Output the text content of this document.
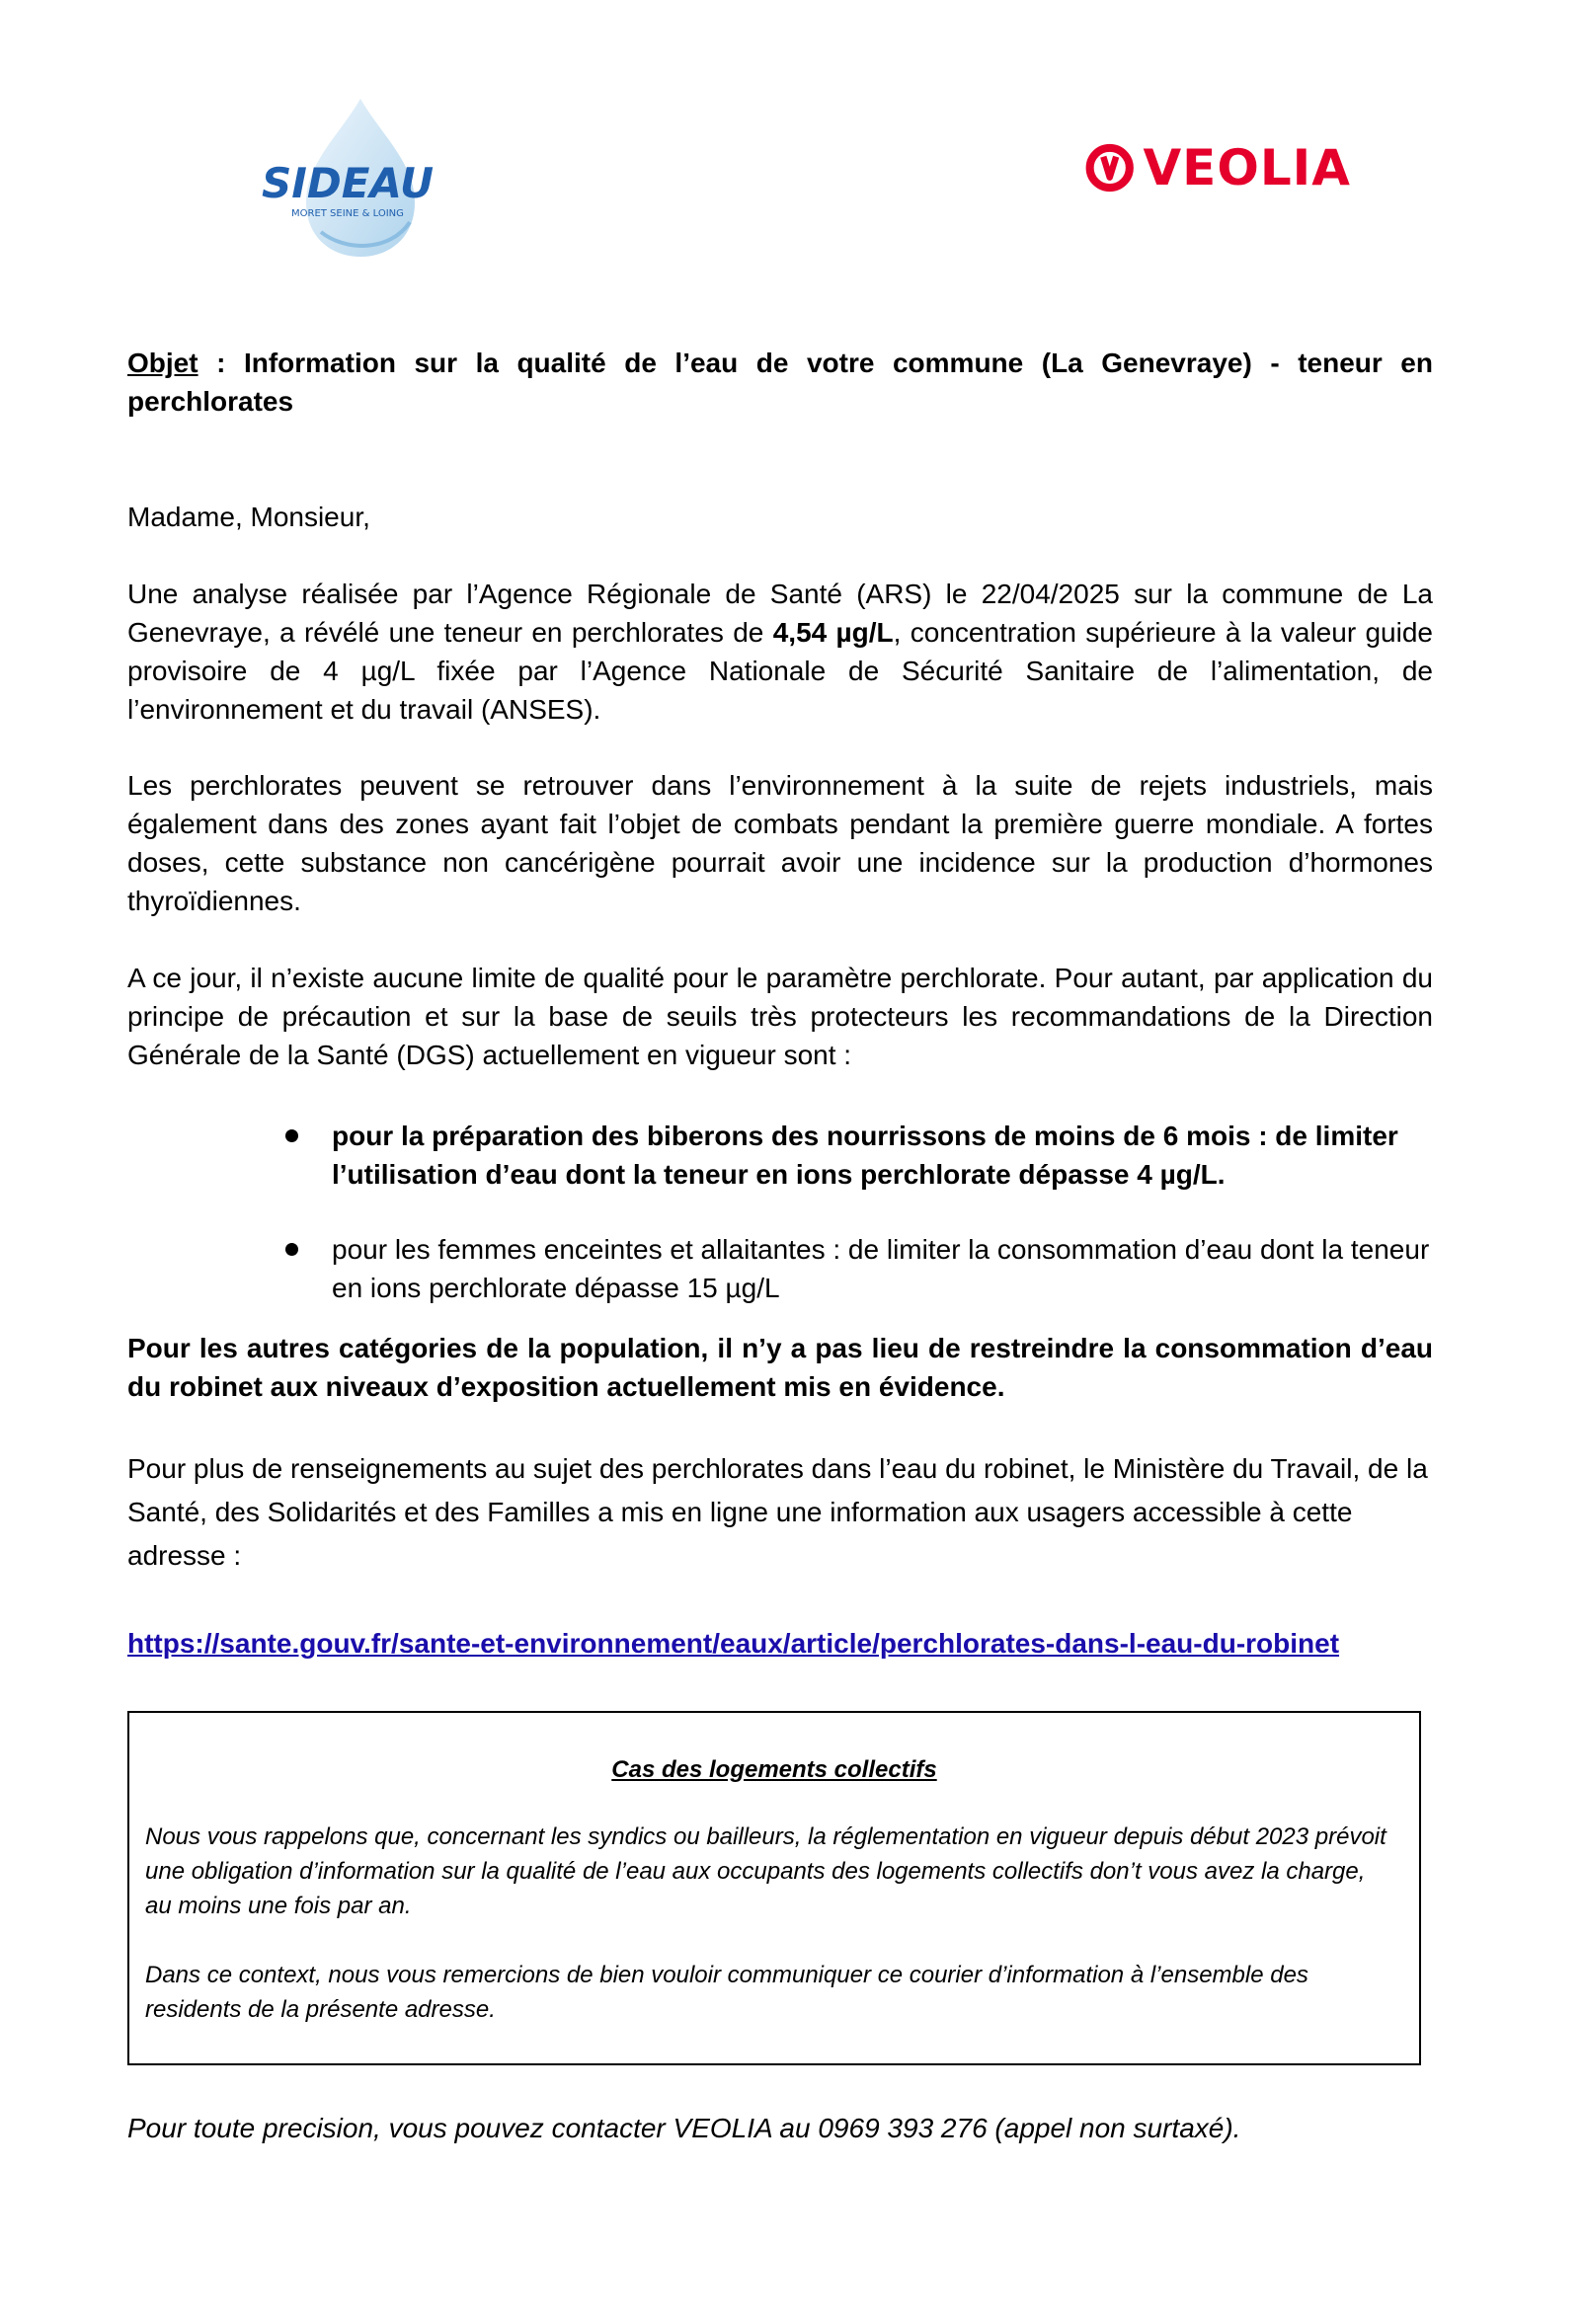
SIDEAU
MORET SEINE & LOING
VEOLIA

Objet : Information sur la qualité de l’eau de votre commune (La Genevraye) - teneur en perchlorates

Madame, Monsieur,

Une analyse réalisée par l’Agence Régionale de Santé (ARS) le 22/04/2025 sur la commune de La Genevraye, a révélé une teneur en perchlorates de 4,54 µg/L, concentration supérieure à la valeur guide provisoire de 4 µg/L fixée par l’Agence Nationale de Sécurité Sanitaire de l’alimentation, de l’environnement et du travail (ANSES).

Les perchlorates peuvent se retrouver dans l’environnement à la suite de rejets industriels, mais également dans des zones ayant fait l’objet de combats pendant la première guerre mondiale. A fortes doses, cette substance non cancérigène pourrait avoir une incidence sur la production d’hormones thyroïdiennes.

A ce jour, il n’existe aucune limite de qualité pour le paramètre perchlorate. Pour autant, par application du principe de précaution et sur la base de seuils très protecteurs les recommandations de la Direction Générale de la Santé (DGS) actuellement en vigueur sont :

pour la préparation des biberons des nourrissons de moins de 6 mois : de limiter l’utilisation d’eau dont la teneur en ions perchlorate dépasse 4 µg/L.
pour les femmes enceintes et allaitantes : de limiter la consommation d’eau dont la teneur en ions perchlorate dépasse 15 µg/L

Pour les autres catégories de la population, il n’y a pas lieu de restreindre la consommation d’eau du robinet aux niveaux d’exposition actuellement mis en évidence.

Pour plus de renseignements au sujet des perchlorates dans l’eau du robinet, le Ministère du Travail, de la Santé, des Solidarités et des Familles a mis en ligne une information aux usagers accessible à cette adresse :

https://sante.gouv.fr/sante-et-environnement/eaux/article/perchlorates-dans-l-eau-du-robinet

Cas des logements collectifs
Nous vous rappelons que, concernant les syndics ou bailleurs, la réglementation en vigueur depuis début 2023 prévoit une obligation d’information sur la qualité de l’eau aux occupants des logements collectifs don’t vous avez la charge, au moins une fois par an.
Dans ce context, nous vous remercions de bien vouloir communiquer ce courier d’information à l’ensemble des residents de la présente adresse.

Pour toute precision, vous pouvez contacter VEOLIA au 0969 393 276 (appel non surtaxé).
